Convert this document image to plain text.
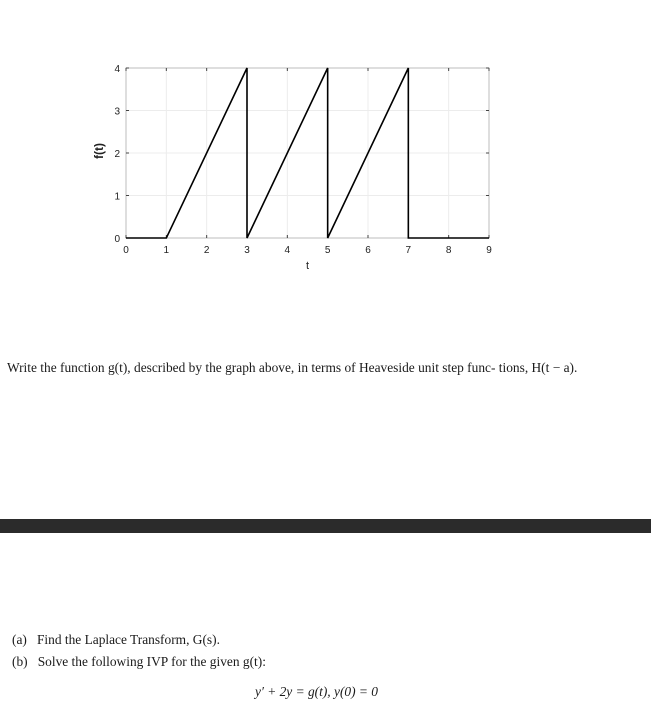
0	1	2	3	4	5	6	7	8	9
0
1
2
3
4
t
f(t)
Write the function g(t), described by the graph above, in terms of Heaveside unit step func- tions, H(t − a).
(a) Find the Laplace Transform, G(s).
(b) Solve the following IVP for the given g(t):
y′ + 2y = g(t), y(0) = 0
